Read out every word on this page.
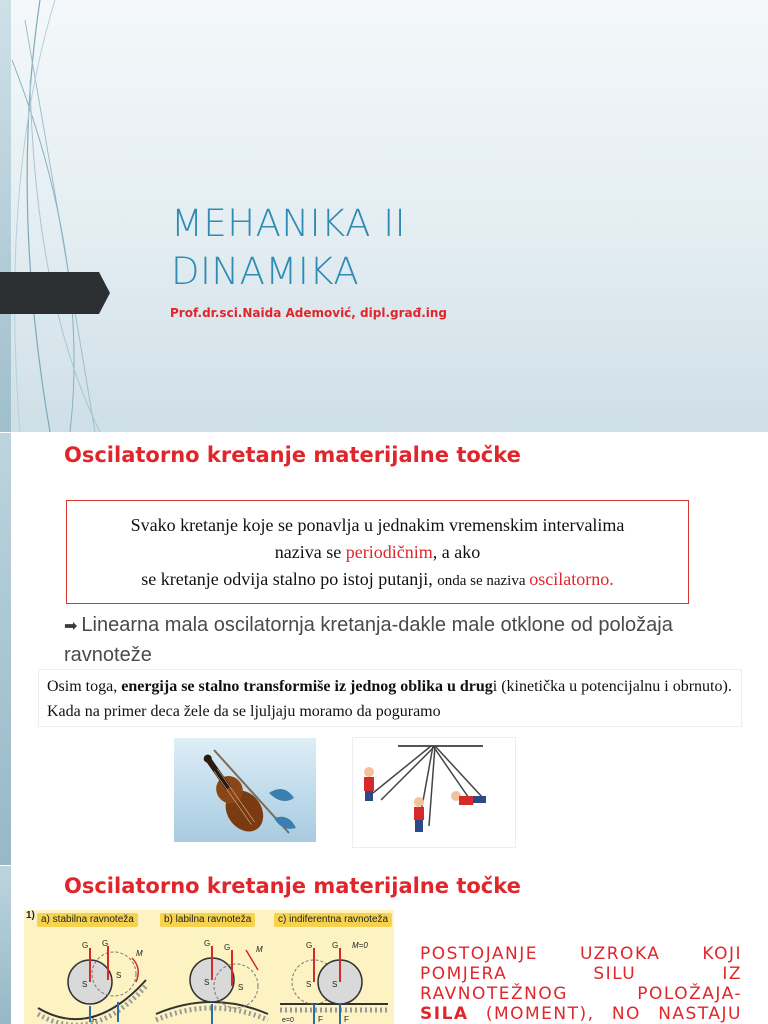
MEHANIKA II
DINAMIKA
Prof.dr.sci.Naida Ademović, dipl.građ.ing
Oscilatorno kretanje materijalne točke
Svako kretanje koje se ponavlja u jednakim vremenskim intervalima
naziva se periodičnim, a ako
se kretanje odvija stalno po istoj putanji, onda se naziva oscilatorno.
➡ Linearna mala oscilatornja kretanja-dakle male otklone od položaja ravnoteže
Osim toga, energija se stalno transformiše iz jednog oblika u drugi (kinetička u potencijalnu i obrnuto). Kada na primer deca žele da se ljuljaju moramo da poguramo
Oscilatorno kretanje materijalne točke
1) a) stabilna ravnoteža	b) labilna ravnoteža	c) indiferentna ravnoteža
G G
S
S
F
M
G G
S
S
M	G G
S	S
M=0
e=0	F	F
POSTOJANJE UZROKA KOJI
POMJERA SILU IZ
RAVNOTEŽNOG POLOŽAJA-
SILA (MOMENT), NO NASTAJU
